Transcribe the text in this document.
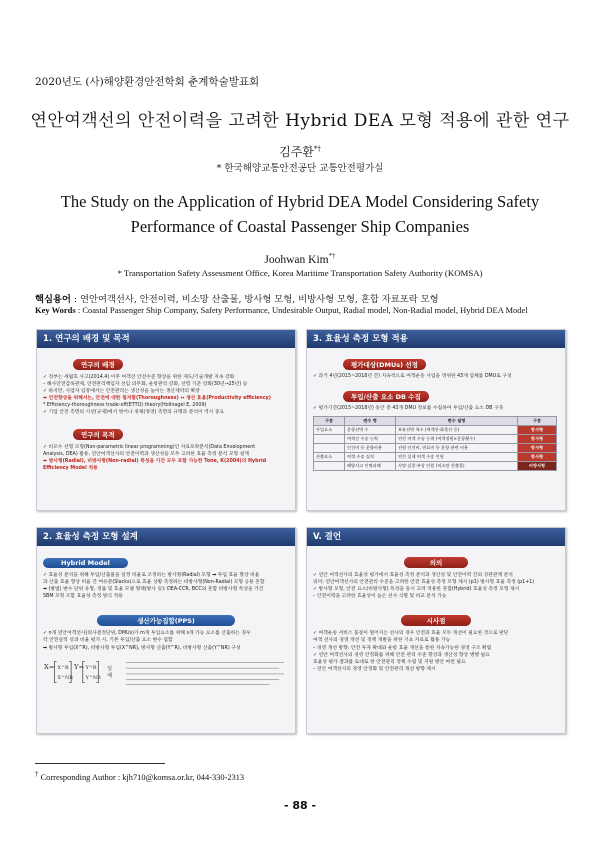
2020년도 (사)해양환경안전학회 춘계학술발표회
연안여객선의 안전이력을 고려한 Hybrid DEA 모형 적용에 관한 연구
김주환*†
* 한국해양교통안전공단 교통안전평가실
The Study on the Application of Hybrid DEA Model Considering Safety
Performance of Coastal Passenger Ship Companies
Joohwan Kim*†
* Transportation Safety Assessment Office, Korea Maritime Transportation Safety Authority (KOMSA)
핵심용어 : 연안여객선사, 안전이력, 비소망 산출물, 방사형 모형, 비방사형 모형, 혼합 자료포락 모형
Key Words : Coastal Passenger Ship Company, Safety Performance, Undesirable Output, Radial model, Non-Radial model, Hybrid DEA Model
1. 연구의 배경 및 목적
연구의 배경
✓ 정부는 세월호 사고(2014.4) 이후 여객선 안전수준 향상을 위한 제도/기술개발 지속 강화
– 해사안전감독관제, 안전관리책임자 선임 의무화, 운항관리 강화, 선령 기준 강화(30년→25년) 등
✓ 하지만, 사업자 입장에서는 안전관리는 생산성을 높이는 생산제약의 확장
➡ 안전향상을 위해서는, 안전에 대한 철저함(Thoroughness) ↔ 생산 효율(Productivity efficiency)
* Efficiency-thoroughness trade-off(ETTO) theory(Hollnagel E, 2009)
✓ 기업 안전 측면의 시선(규제)에서 벗어나 경제(경영) 측면의 규명과 분석이 역시 중요
연구의 목적
✓ 비모수 선형 모형(Non-parametric linear programming)인 자료포락분석(Data Envelopment
Analysis, DEA) 활용, 연안여객선사의 안전이력과 생산성을 모두 고려한 효율 측정 분석 모형 설계
➡ 방사형(Radial), 비방사형(Non-radial) 특성을 가진 모두 포함 가능한 Tone, K(2004)의 Hybrid
Efficiency Model 적용
3. 효율성 측정 모형 적용
평가대상(DMUs) 선정
✓ 과거 4년(2015~2018년 간) 지속적으로 여객운송 사업을 영위한 43개 업체를 DMU로 구성
투입/산출 요소 DB 수집
✓ 평가기간(2015~2018년) 동안 총 43개 DMU 정보를 수집하여 투입/산출 요소 DB 구축
구분	변수 명	변수 설명	구분
투입요소	운항선박 수	보유선박 척수 (여객선·화물선 등)	방사형
	여객선 수송 능력	연간 여객 수송 능력 (여객정원×운항횟수)	방사형
	인건비 등 운항비용	선원 인건비, 연료비 등 운항 관련 비용	방사형
산출요소	여객 수송 실적	연간 실제 여객 수송 인원	방사형
	해양사고 인명피해	사망·실종·부상 인원 (비소망 산출물)	비방사형
2. 효율성 측정 모형 설계
Hybrid Model
✓ 효율성 분석을 위해 투입/산출물을 일정 비율로 조정하는 방사형(Radial) 모형 ➡ 투입 효율 향상 비율
과 산출 효율 향상 비율 간 여유분(Slacks)으로 효율 상황 측정하는 비방사형(Non-Radial) 모형 응용 혼합
➡ (방법) 변수 단위 유형, 정률 및 효율 모델 형태(방사 등): DEA-CCR, BCC와 혼합 비방사형 특성을 가진
SBM 모형 조합 효율성 측정 방식 적용
생산가능집합(PPS)
✓ n개 연안여객선사(의사결정단위, DMUs)가 m개 투입요소를 위해 s개 가능 요소를 산출하는 경우
각 안전실적 성과 비율 평가 시, 기본 투입/산출 요소 변수 집합
➡ 방사형 투입(X^R), 비방사형 투입(X^NR), 방사형 산출(Y^R), 비방사형 산출(Y^NR) 구성
X= X^R
X^NR
Y= Y^R
Y^NR
일 때
V. 결언
의의
✓ 연안 여객선사의 효율성 평가에서 효율성 측정 분석과 생산성 및 안전이력 간의 상관관계 분석
의미: 연안여객선사의 안전관리 수준을 고려한 안전 효율성 측정 모형 제시 (p1) 방사형 효율 측정 (p1+1)
✓ 방사형 모형, 안전 요소(비방사형) 특성을 동시 고려 적용한 혼합(Hybrid) 효율성 측정 모형 제시
– 안전이력을 고려한 효율성이 높은 선사 식별 및 비교 분석 가능
시사점
✓ 여객운송 서비스 품질이 떨어지는 선사의 경우 안전과 효율 모두 개선이 필요한 것으로 판단
여객 선사의 경영 개선 및 정책 개발을 위한 기초 자료로 활용 가능
– 경영 개선 방향: 안전 투자 확대와 운항 효율 개선을 통한 지속가능한 경영 구조 확립
✓ 연안 여객선사의 경영 안정화를 위해 안전 관리 수준 향상과 생산성 향상 병행 필요
효율성 평가 결과를 토대로 한 안전관리 정책 수립 및 지원 방안 마련 필요
– 연안 여객선사의 경영 안정화 및 안전관리 개선 방향 제시
† Corresponding Author : kjh710@komsa.or.kr, 044-330-2313
- 88 -
